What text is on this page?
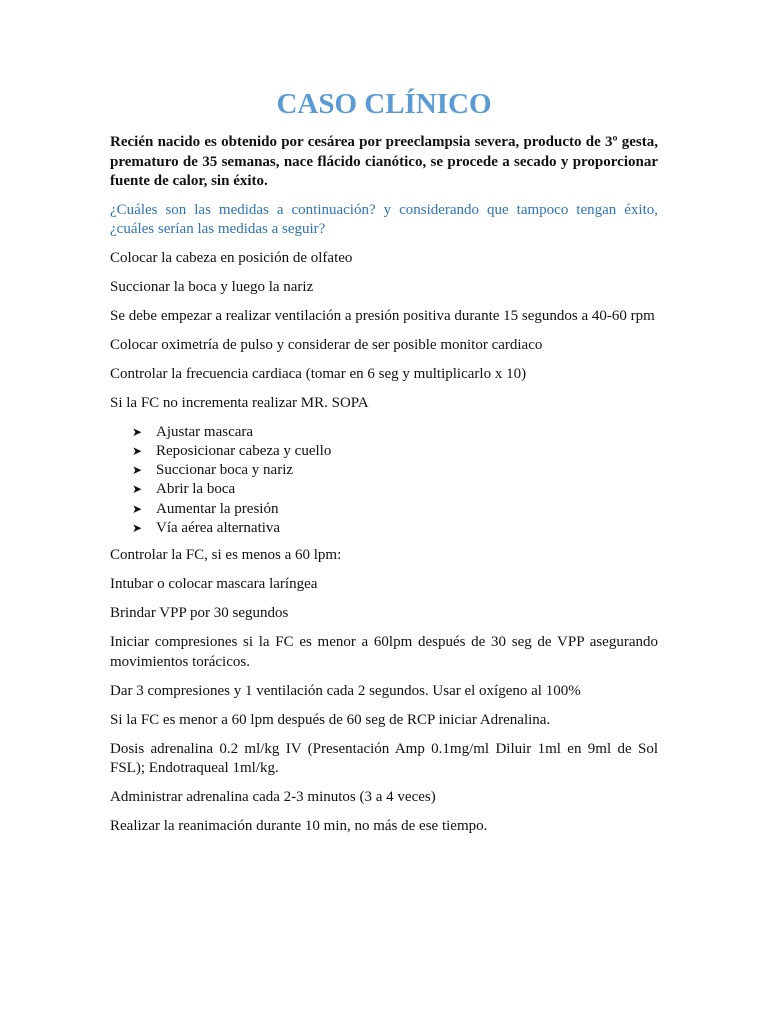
CASO CLÍNICO

Recién nacido es obtenido por cesárea por preeclampsia severa, producto de 3º gesta, prematuro de 35 semanas, nace flácido cianótico, se procede a secado y proporcionar fuente de calor, sin éxito.

¿Cuáles son las medidas a continuación? y considerando que tampoco tengan éxito, ¿cuáles serían las medidas a seguir?

Colocar la cabeza en posición de olfateo

Succionar la boca y luego la nariz

Se debe empezar a realizar ventilación a presión positiva durante 15 segundos a 40-60 rpm

Colocar oximetría de pulso y considerar de ser posible monitor cardiaco

Controlar la frecuencia cardiaca (tomar en 6 seg y multiplicarlo x 10)

Si la FC no incrementa realizar MR. SOPA

➤ Ajustar mascara
➤ Reposicionar cabeza y cuello
➤ Succionar boca y nariz
➤ Abrir la boca
➤ Aumentar la presión
➤ Vía aérea alternativa

Controlar la FC, si es menos a 60 lpm:

Intubar o colocar mascara laríngea

Brindar VPP por 30 segundos

Iniciar compresiones si la FC es menor a 60lpm después de 30 seg de VPP asegurando movimientos torácicos.

Dar 3 compresiones y 1 ventilación cada 2 segundos. Usar el oxígeno al 100%

Si la FC es menor a 60 lpm después de 60 seg de RCP iniciar Adrenalina.

Dosis adrenalina 0.2 ml/kg IV (Presentación Amp 0.1mg/ml Diluir 1ml en 9ml de Sol FSL); Endotraqueal 1ml/kg.

Administrar adrenalina cada 2-3 minutos (3 a 4 veces)

Realizar la reanimación durante 10 min, no más de ese tiempo.
